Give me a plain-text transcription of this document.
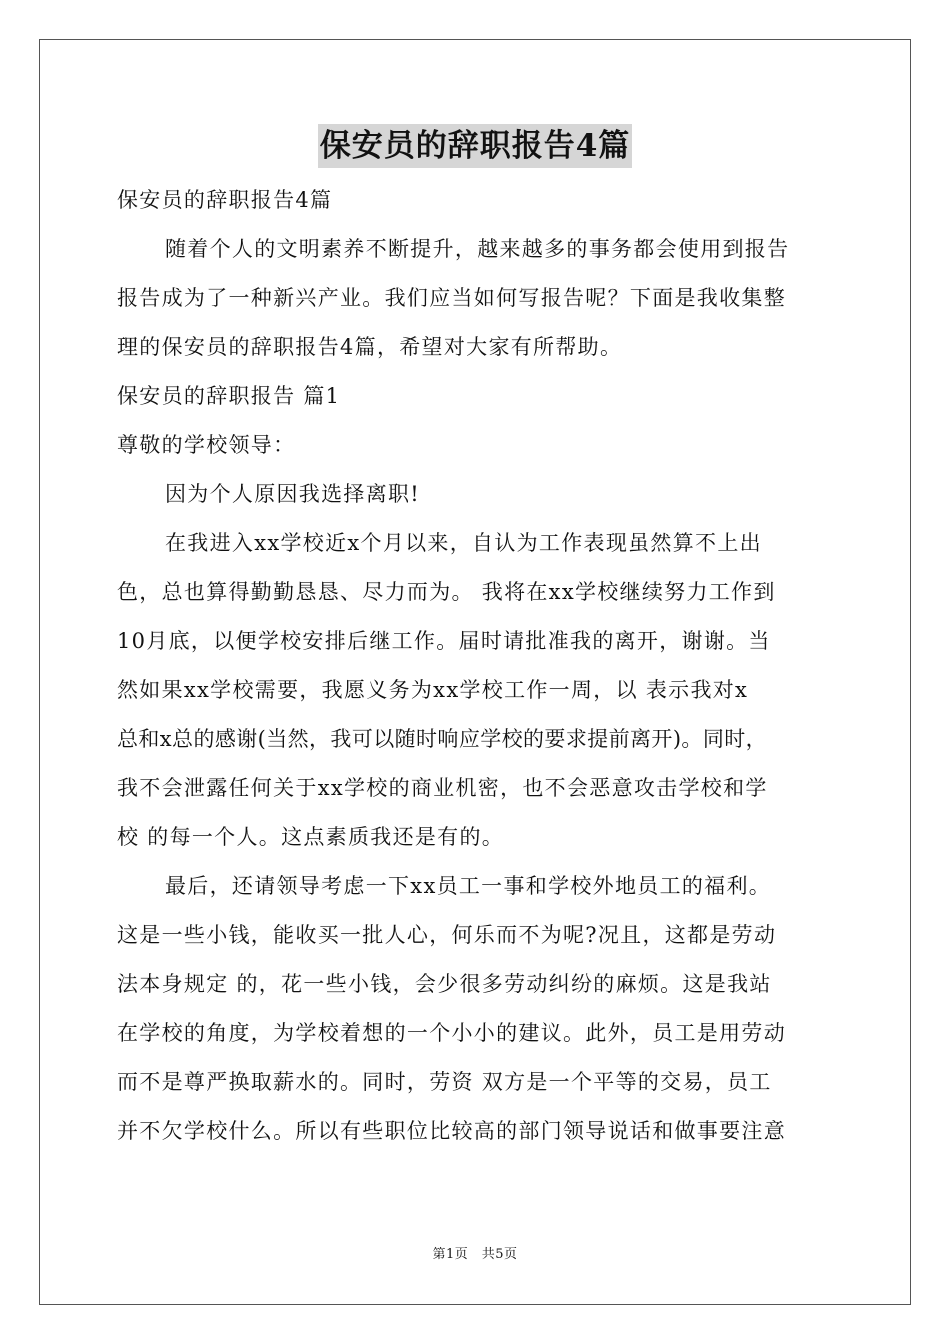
保安员的辞职报告4篇
保安员的辞职报告4篇
随着个人的文明素养不断提升，越来越多的事务都会使用到报告
报告成为了一种新兴产业。我们应当如何写报告呢？下面是我收集整
理的保安员的辞职报告4篇，希望对大家有所帮助。
保安员的辞职报告 篇1
尊敬的学校领导：
因为个人原因我选择离职!
在我进入xx学校近x个月以来，自认为工作表现虽然算不上出
色，总也算得勤勤恳恳、尽力而为。 我将在xx学校继续努力工作到
10月底，以便学校安排后继工作。届时请批准我的离开，谢谢。当
然如果xx学校需要，我愿义务为xx学校工作一周，以 表示我对x
总和x总的感谢(当然，我可以随时响应学校的要求提前离开)。同时，
我不会泄露任何关于xx学校的商业机密，也不会恶意攻击学校和学
校 的每一个人。这点素质我还是有的。
最后，还请领导考虑一下xx员工一事和学校外地员工的福利。
这是一些小钱，能收买一批人心，何乐而不为呢?况且，这都是劳动
法本身规定 的，花一些小钱，会少很多劳动纠纷的麻烦。这是我站
在学校的角度，为学校着想的一个小小的建议。此外，员工是用劳动
而不是尊严换取薪水的。同时，劳资 双方是一个平等的交易，员工
并不欠学校什么。所以有些职位比较高的部门领导说话和做事要注意
第1页　共5页
